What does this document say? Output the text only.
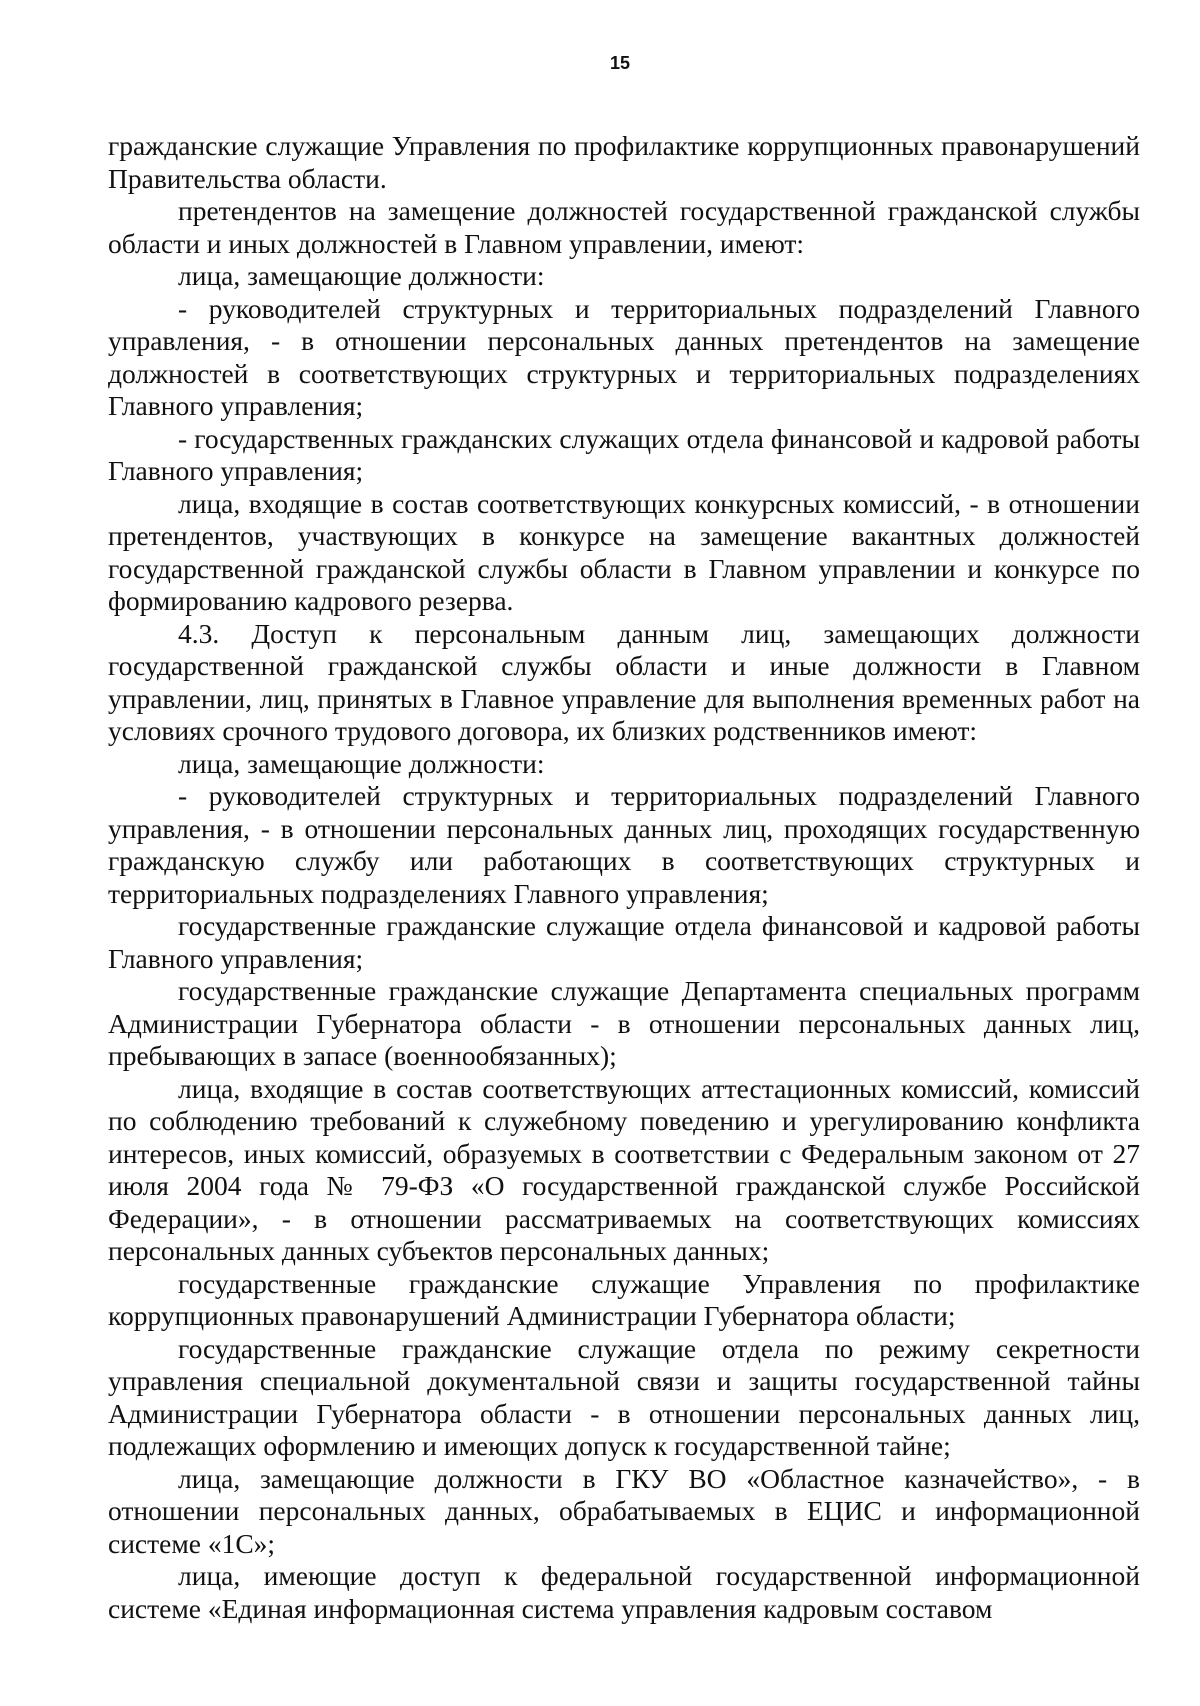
15

гражданские служащие Управления по профилактике коррупционных правонарушений Правительства области.

претендентов на замещение должностей государственной гражданской службы области и иных должностей в Главном управлении, имеют:

лица, замещающие должности:

- руководителей структурных и территориальных подразделений Главного управления, - в отношении персональных данных претендентов на замещение должностей в соответствующих структурных и территориальных подразделениях Главного управления;

- государственных гражданских служащих отдела финансовой и кадровой работы Главного управления;

лица, входящие в состав соответствующих конкурсных комиссий, - в отношении претендентов, участвующих в конкурсе на замещение вакантных должностей государственной гражданской службы области в Главном управлении и конкурсе по формированию кадрового резерва.

4.3. Доступ к персональным данным лиц, замещающих должности государственной гражданской службы области и иные должности в Главном управлении, лиц, принятых в Главное управление для выполнения временных работ на условиях срочного трудового договора, их близких родственников имеют:

лица, замещающие должности:

- руководителей структурных и территориальных подразделений Главного управления, - в отношении персональных данных лиц, проходящих государственную гражданскую службу или работающих в соответствующих структурных и территориальных подразделениях Главного управления;

государственные гражданские служащие отдела финансовой и кадровой работы Главного управления;

государственные гражданские служащие Департамента специальных программ Администрации Губернатора области - в отношении персональных данных лиц, пребывающих в запасе (военнообязанных);

лица, входящие в состав соответствующих аттестационных комиссий, комиссий по соблюдению требований к служебному поведению и урегулированию конфликта интересов, иных комиссий, образуемых в соответствии с Федеральным законом от 27 июля 2004 года № 79-ФЗ «О государственной гражданской службе Российской Федерации», - в отношении рассматриваемых на соответствующих комиссиях персональных данных субъектов персональных данных;

государственные гражданские служащие Управления по профилактике коррупционных правонарушений Администрации Губернатора области;

государственные гражданские служащие отдела по режиму секретности управления специальной документальной связи и защиты государственной тайны Администрации Губернатора области - в отношении персональных данных лиц, подлежащих оформлению и имеющих допуск к государственной тайне;

лица, замещающие должности в ГКУ ВО «Областное казначейство», - в отношении персональных данных, обрабатываемых в ЕЦИС и информационной системе «1С»;

лица, имеющие доступ к федеральной государственной информационной системе «Единая информационная система управления кадровым составом
